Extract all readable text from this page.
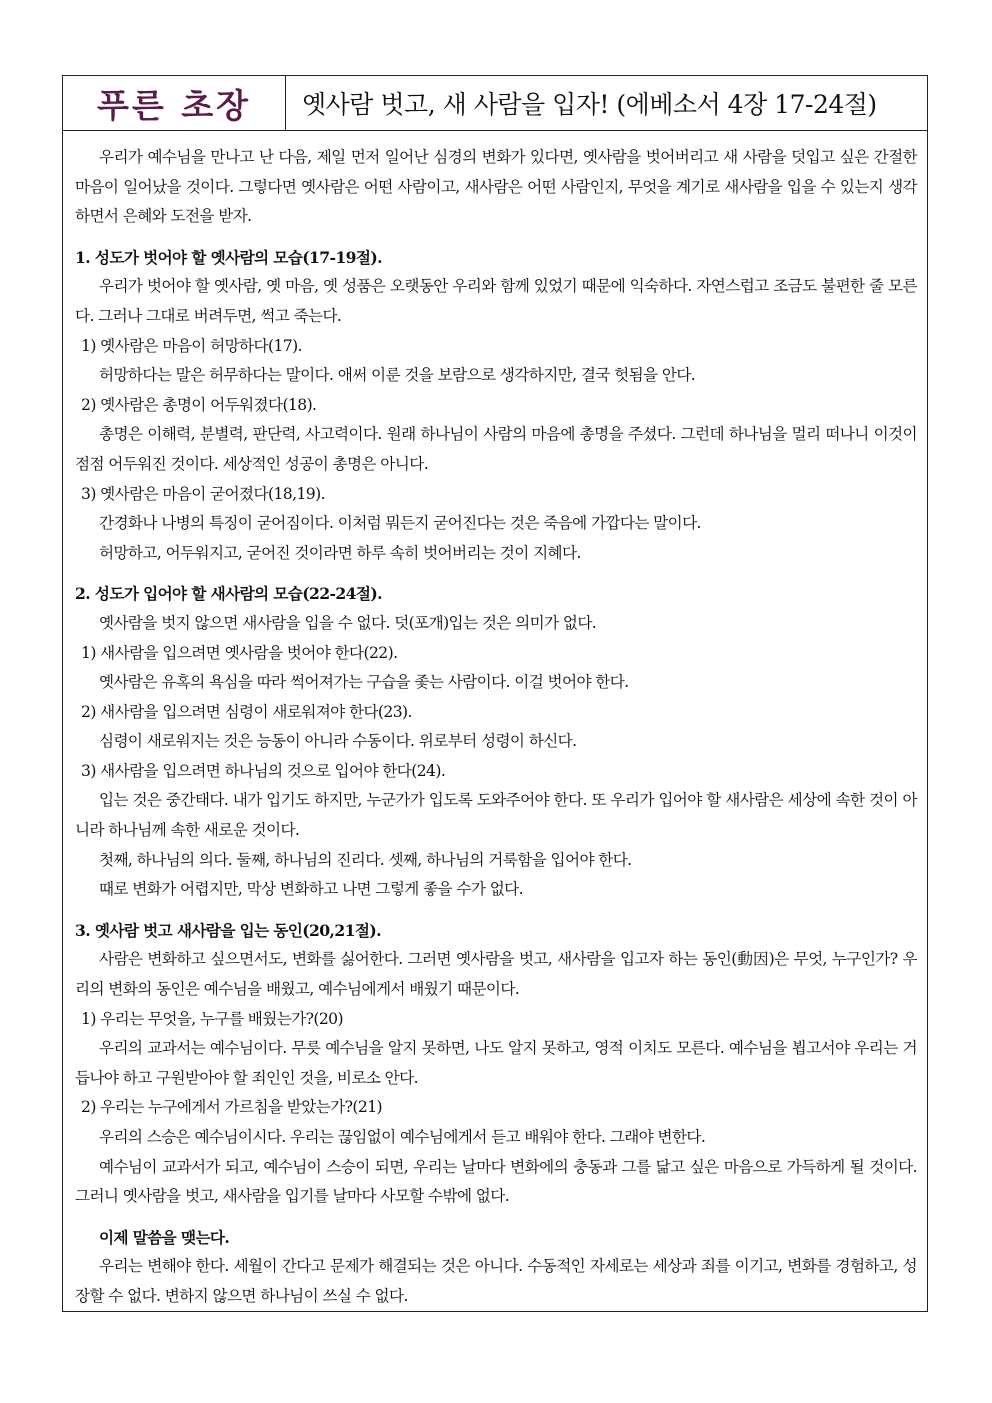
푸른 초장	옛사람 벗고, 새 사람을 입자! (에베소서 4장 17-24절)

우리가 예수님을 만나고 난 다음, 제일 먼저 일어난 심경의 변화가 있다면, 옛사람을 벗어버리고 새 사람을 덧입고 싶은 간절한 마음이 일어났을 것이다. 그렇다면 옛사람은 어떤 사람이고, 새사람은 어떤 사람인지, 무엇을 계기로 새사람을 입을 수 있는지 생각하면서 은혜와 도전을 받자.

1. 성도가 벗어야 할 옛사람의 모습(17-19절).

우리가 벗어야 할 옛사람, 옛 마음, 옛 성품은 오랫동안 우리와 함께 있었기 때문에 익숙하다. 자연스럽고 조금도 불편한 줄 모른다. 그러나 그대로 버려두면, 썩고 죽는다.

1) 옛사람은 마음이 허망하다(17).

허망하다는 말은 허무하다는 말이다. 애써 이룬 것을 보람으로 생각하지만, 결국 헛됨을 안다.

2) 옛사람은 총명이 어두워졌다(18).

총명은 이해력, 분별력, 판단력, 사고력이다. 원래 하나님이 사람의 마음에 총명을 주셨다. 그런데 하나님을 멀리 떠나니 이것이 점점 어두워진 것이다. 세상적인 성공이 총명은 아니다.

3) 옛사람은 마음이 굳어졌다(18,19).

간경화나 나병의 특징이 굳어짐이다. 이처럼 뭐든지 굳어진다는 것은 죽음에 가깝다는 말이다.

허망하고, 어두워지고, 굳어진 것이라면 하루 속히 벗어버리는 것이 지혜다.

2. 성도가 입어야 할 새사람의 모습(22-24절).

옛사람을 벗지 않으면 새사람을 입을 수 없다. 덧(포개)입는 것은 의미가 없다.

1) 새사람을 입으려면 옛사람을 벗어야 한다(22).

옛사람은 유혹의 욕심을 따라 썩어져가는 구습을 좇는 사람이다. 이걸 벗어야 한다.

2) 새사람을 입으려면 심령이 새로워져야 한다(23).

심령이 새로워지는 것은 능동이 아니라 수동이다. 위로부터 성령이 하신다.

3) 새사람을 입으려면 하나님의 것으로 입어야 한다(24).

입는 것은 중간태다. 내가 입기도 하지만, 누군가가 입도록 도와주어야 한다. 또 우리가 입어야 할 새사람은 세상에 속한 것이 아니라 하나님께 속한 새로운 것이다.

첫째, 하나님의 의다. 둘째, 하나님의 진리다. 셋째, 하나님의 거룩함을 입어야 한다.

때로 변화가 어렵지만, 막상 변화하고 나면 그렇게 좋을 수가 없다.

3. 옛사람 벗고 새사람을 입는 동인(20,21절).

사람은 변화하고 싶으면서도, 변화를 싫어한다. 그러면 옛사람을 벗고, 새사람을 입고자 하는 동인(動因)은 무엇, 누구인가? 우리의 변화의 동인은 예수님을 배웠고, 예수님에게서 배웠기 때문이다.

1) 우리는 무엇을, 누구를 배웠는가?(20)

우리의 교과서는 예수님이다. 무릇 예수님을 알지 못하면, 나도 알지 못하고, 영적 이치도 모른다. 예수님을 뵙고서야 우리는 거듭나야 하고 구원받아야 할 죄인인 것을, 비로소 안다.

2) 우리는 누구에게서 가르침을 받았는가?(21)

우리의 스승은 예수님이시다. 우리는 끊임없이 예수님에게서 듣고 배워야 한다. 그래야 변한다.

예수님이 교과서가 되고, 예수님이 스승이 되면, 우리는 날마다 변화에의 충동과 그를 닮고 싶은 마음으로 가득하게 될 것이다. 그러니 옛사람을 벗고, 새사람을 입기를 날마다 사모할 수밖에 없다.

이제 말씀을 맺는다.

우리는 변해야 한다. 세월이 간다고 문제가 해결되는 것은 아니다. 수동적인 자세로는 세상과 죄를 이기고, 변화를 경험하고, 성장할 수 없다. 변하지 않으면 하나님이 쓰실 수 없다.
